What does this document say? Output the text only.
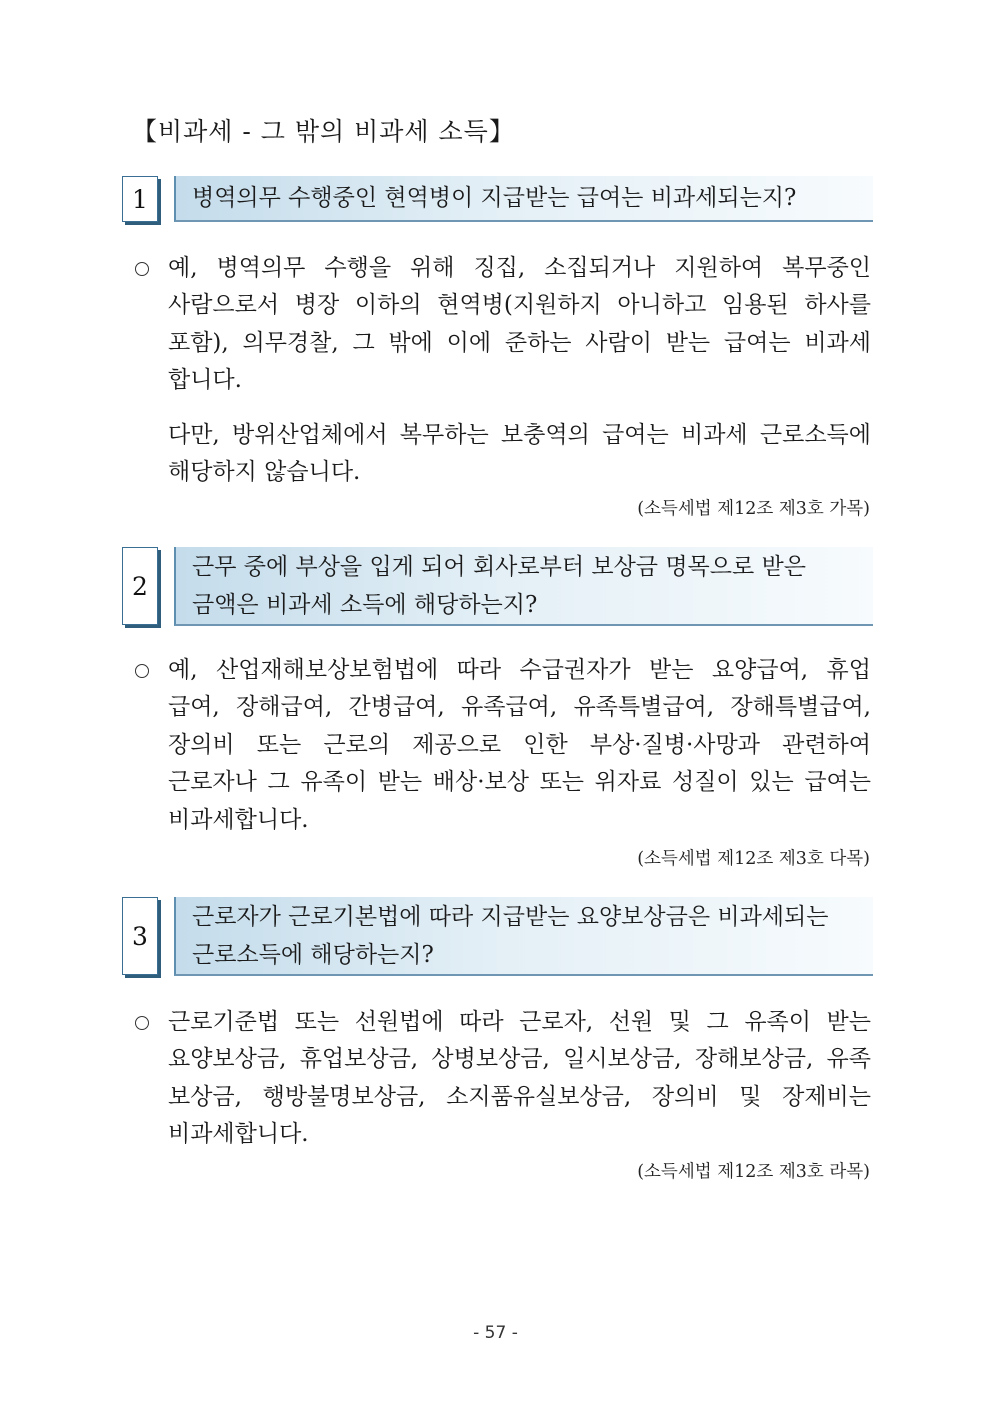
【비과세 - 그 밖의 비과세 소득】
1	병역의무 수행중인 현역병이 지급받는 급여는 비과세되는지?
예, 병역의무 수행을 위해 징집, 소집되거나 지원하여 복무중인
사람으로서 병장 이하의 현역병(지원하지 아니하고 임용된 하사를
포함), 의무경찰, 그 밖에 이에 준하는 사람이 받는 급여는 비과세
합니다.
다만, 방위산업체에서 복무하는 보충역의 급여는 비과세 근로소득에
해당하지 않습니다.
(소득세법 제12조 제3호 가목)
2
근무 중에 부상을 입게 되어 회사로부터 보상금 명목으로 받은
금액은 비과세 소득에 해당하는지?
예, 산업재해보상보험법에 따라 수급권자가 받는 요양급여, 휴업
급여, 장해급여, 간병급여, 유족급여, 유족특별급여, 장해특별급여,
장의비 또는 근로의 제공으로 인한 부상·질병·사망과 관련하여
근로자나 그 유족이 받는 배상·보상 또는 위자료 성질이 있는 급여는
비과세합니다.
(소득세법 제12조 제3호 다목)
3
근로자가 근로기본법에 따라 지급받는 요양보상금은 비과세되는
근로소득에 해당하는지?
근로기준법 또는 선원법에 따라 근로자, 선원 및 그 유족이 받는
요양보상금, 휴업보상금, 상병보상금, 일시보상금, 장해보상금, 유족
보상금, 행방불명보상금, 소지품유실보상금, 장의비 및 장제비는
비과세합니다.
(소득세법 제12조 제3호 라목)
- 57 -
